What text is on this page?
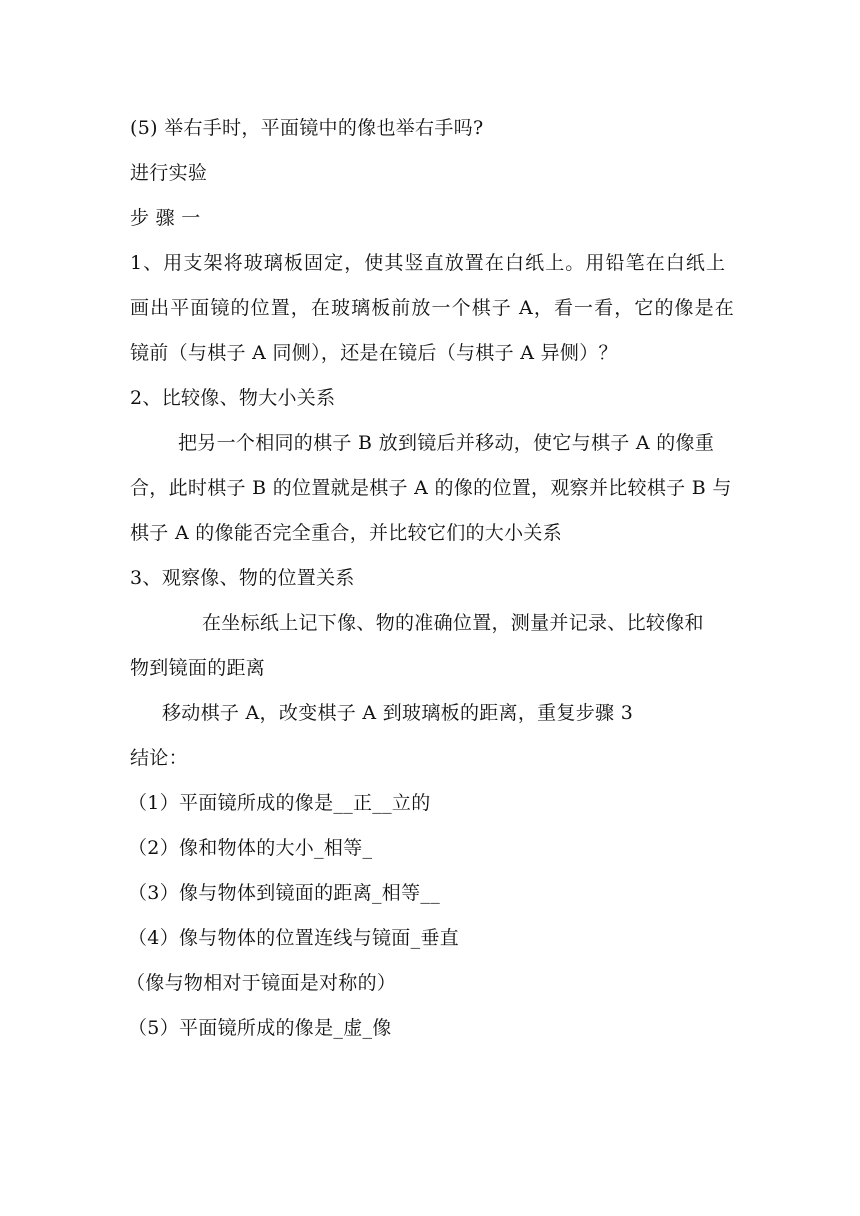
(5) 举右手时，平面镜中的像也举右手吗?
进行实验
步 骤 一
1、用支架将玻璃板固定，使其竖直放置在白纸上。用铅笔在白纸上
画出平面镜的位置，在玻璃板前放一个棋子 A，看一看，它的像是在
镜前（与棋子 A 同侧），还是在镜后（与棋子 A 异侧）？
2、比较像、物大小关系
把另一个相同的棋子 B 放到镜后并移动，使它与棋子 A 的像重
合，此时棋子 B 的位置就是棋子 A 的像的位置，观察并比较棋子 B 与
棋子 A 的像能否完全重合，并比较它们的大小关系
3、观察像、物的位置关系
在坐标纸上记下像、物的准确位置，测量并记录、比较像和
物到镜面的距离
移动棋子 A，改变棋子 A 到玻璃板的距离，重复步骤 3
结论：
（1）平面镜所成的像是__正__立的
（2）像和物体的大小_相等_
（3）像与物体到镜面的距离_相等__
（4）像与物体的位置连线与镜面_垂直
（像与物相对于镜面是对称的）
（5）平面镜所成的像是_虚_像
